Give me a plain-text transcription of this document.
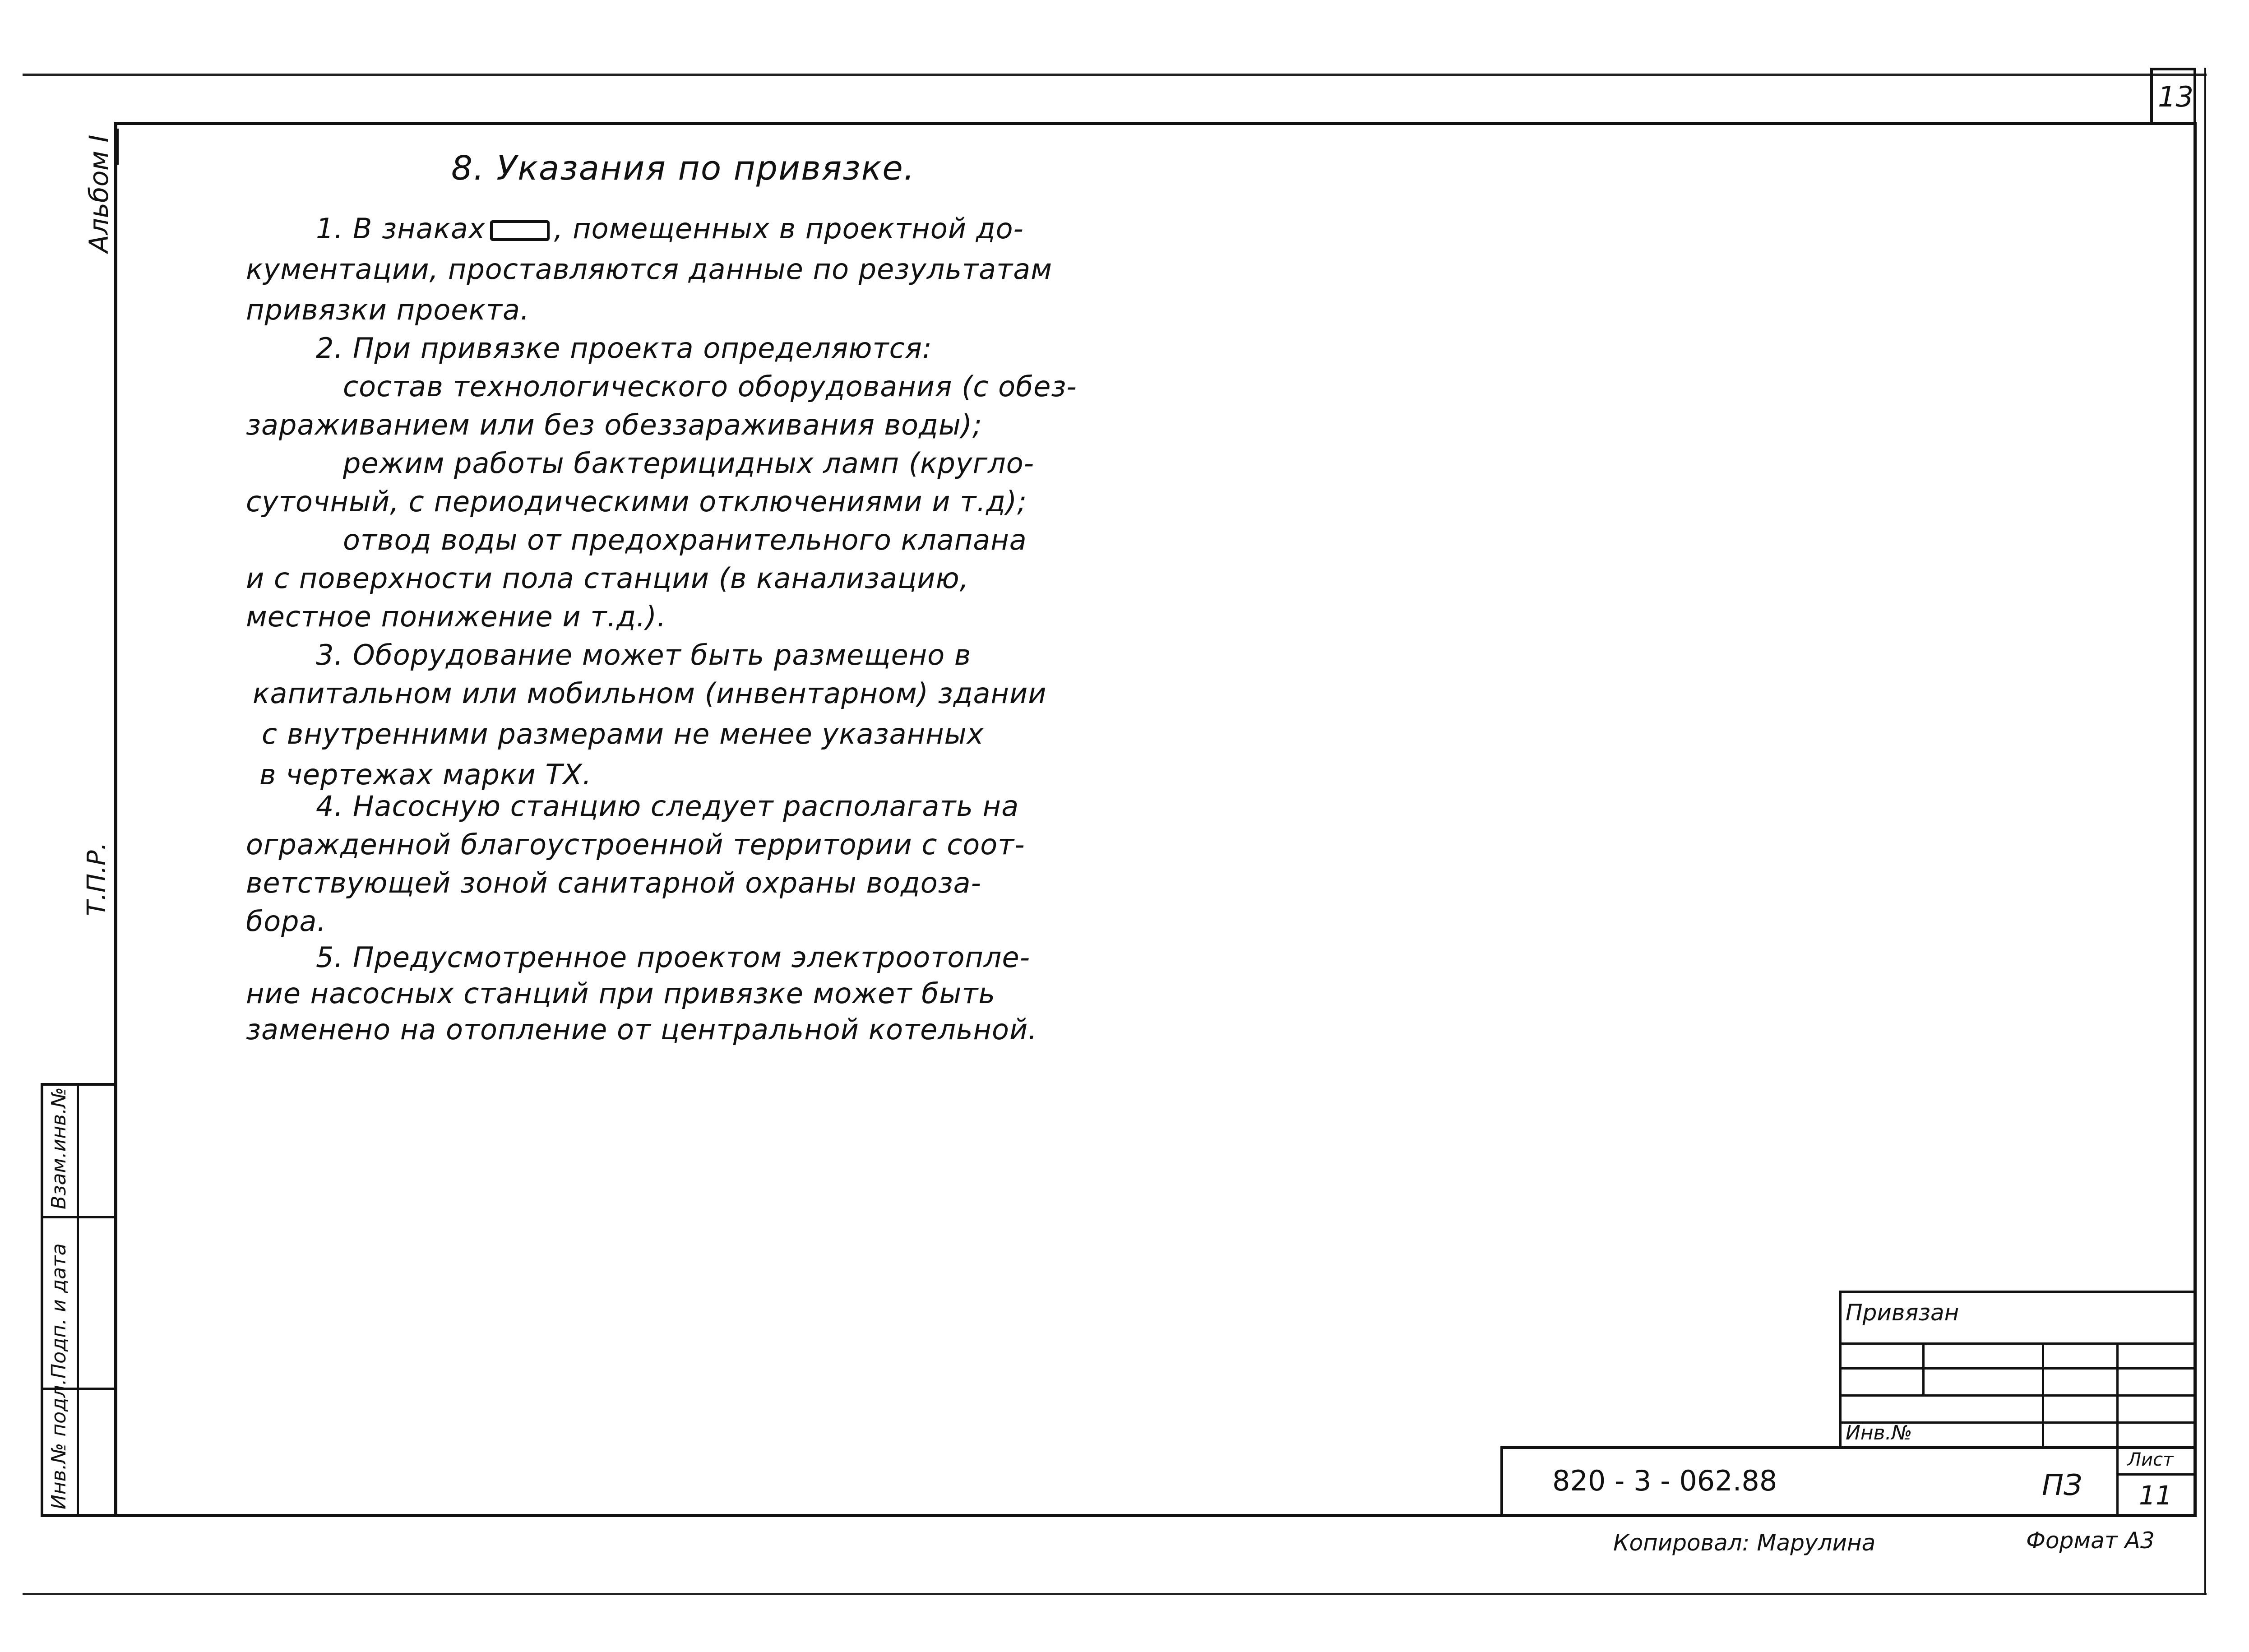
13
Альбом I
Т.П.Р.
Взам.инв.№
Подп. и дата
Инв.№ подл.
8. Указания по привязке.
1. В знаках , помещенных в проектной до-
кументации, проставляются данные по результатам
привязки проекта.
2. При привязке проекта определяются:
состав технологического оборудования (с обез-
зараживанием или без обеззараживания воды);
режим работы бактерицидных ламп (кругло-
суточный, с периодическими отключениями и т.д);
отвод воды от предохранительного клапана
и с поверхности пола станции (в канализацию,
местное понижение и т.д.).
3. Оборудование может быть размещено в
капитальном или мобильном (инвентарном) здании
с внутренними размерами не менее указанных
в чертежах марки ТХ.
4. Насосную станцию следует располагать на
огражденной благоустроенной территории с соот-
ветствующей зоной санитарной охраны водоза-
бора.
5. Предусмотренное проектом электроотопле-
ние насосных станций при привязке может быть
заменено на отопление от центральной котельной.
Привязан
Инв.№
820 - 3 - 062.88	ПЗ
Лист
11
Копировал: Марулина	Формат А3
